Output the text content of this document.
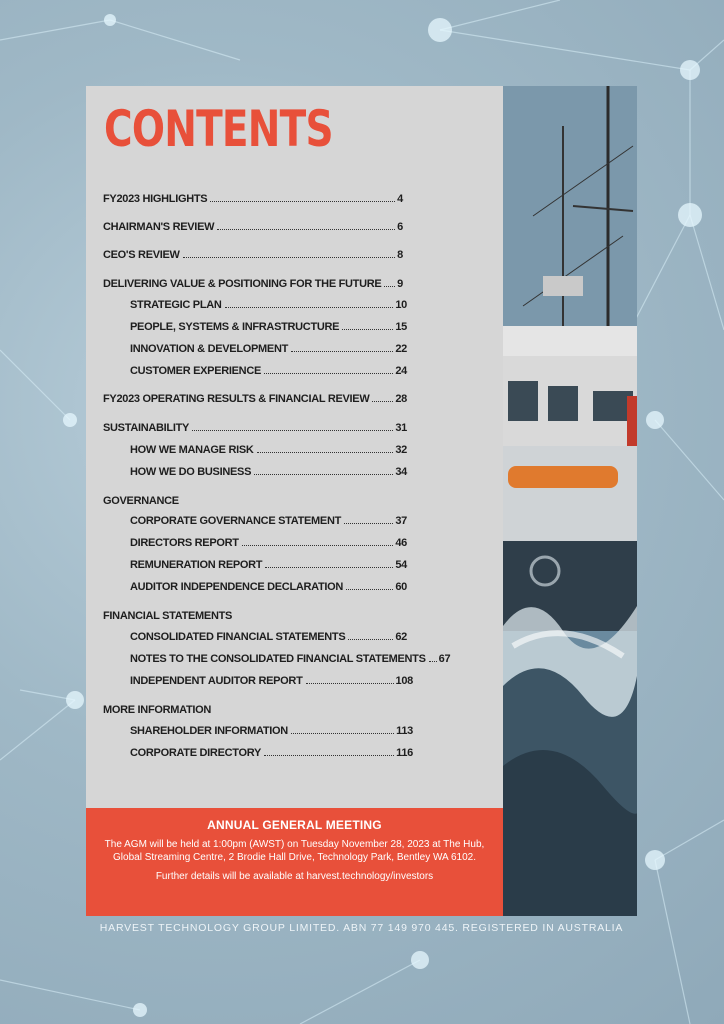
CONTENTS
FY2023 HIGHLIGHTS	4
CHAIRMAN'S REVIEW	6
CEO'S REVIEW	8
DELIVERING VALUE & POSITIONING FOR THE FUTURE 9
STRATEGIC PLAN	10
PEOPLE, SYSTEMS & INFRASTRUCTURE	15
INNOVATION & DEVELOPMENT	22
CUSTOMER EXPERIENCE	24
FY2023 OPERATING RESULTS & FINANCIAL REVIEW 28
SUSTAINABILITY	31
HOW WE MANAGE RISK	32
HOW WE DO BUSINESS	34
GOVERNANCE
CORPORATE GOVERNANCE STATEMENT	37
DIRECTORS REPORT	46
REMUNERATION REPORT	54
AUDITOR INDEPENDENCE DECLARATION	60
FINANCIAL STATEMENTS
CONSOLIDATED FINANCIAL STATEMENTS	62
NOTES TO THE CONSOLIDATED FINANCIAL STATEMENTS 67
INDEPENDENT AUDITOR REPORT	108
MORE INFORMATION
SHAREHOLDER INFORMATION	113
CORPORATE DIRECTORY	116
ANNUAL GENERAL MEETING
The AGM will be held at 1:00pm (AWST) on Tuesday November 28, 2023 at The Hub, Global Streaming Centre, 2 Brodie Hall Drive, Technology Park, Bentley WA 6102.
Further details will be available at harvest.technology/investors
HARVEST TECHNOLOGY GROUP LIMITED. ABN 77 149 970 445. REGISTERED IN AUSTRALIA
